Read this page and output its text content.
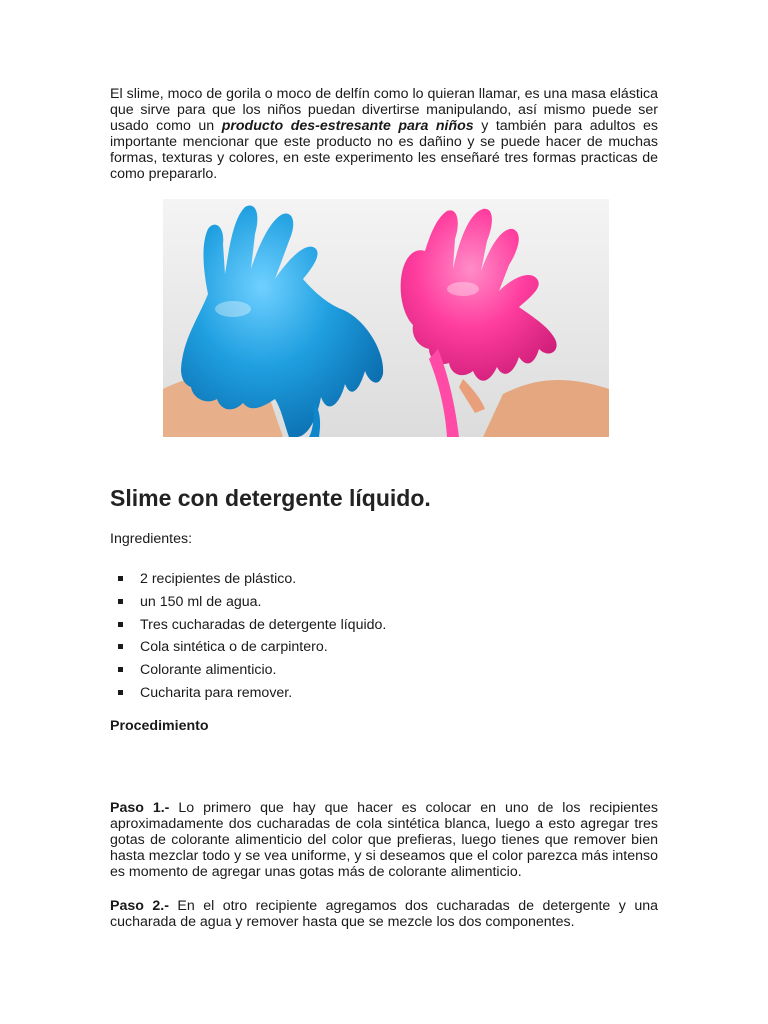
El slime, moco de gorila o moco de delfín como lo quieran llamar, es una masa elástica que sirve para que los niños puedan divertirse manipulando, así mismo puede ser usado como un producto des-estresante para niños y también para adultos es importante mencionar que este producto no es dañino y se puede hacer de muchas formas, texturas y colores, en este experimento les enseñaré tres formas practicas de como prepararlo.

Slime con detergente líquido.

Ingredientes:

2 recipientes de plástico.
un 150 ml de agua.
Tres cucharadas de detergente líquido.
Cola sintética o de carpintero.
Colorante alimenticio.
Cucharita para remover.

Procedimiento

Paso 1.- Lo primero que hay que hacer es colocar en uno de los recipientes aproximadamente dos cucharadas de cola sintética blanca, luego a esto agregar tres gotas de colorante alimenticio del color que prefieras, luego tienes que remover bien hasta mezclar todo y se vea uniforme, y si deseamos que el color parezca más intenso es momento de agregar unas gotas más de colorante alimenticio.

Paso 2.- En el otro recipiente agregamos dos cucharadas de detergente y una cucharada de agua y remover hasta que se mezcle los dos componentes.
